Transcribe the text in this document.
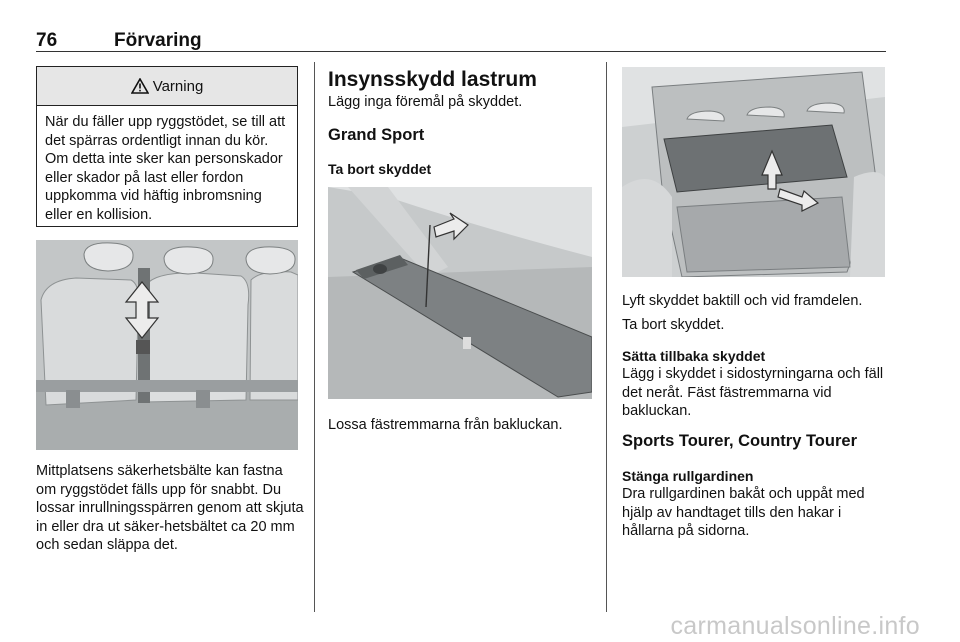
76	Förvaring
Varning
När du fäller upp ryggstödet, se till att det spärras ordentligt innan du kör. Om detta inte sker kan personskador eller skador på last eller fordon uppkomma vid häftig inbromsning eller en kollision.
Mittplatsens säkerhetsbälte kan fastna om ryggstödet fälls upp för snabbt. Du lossar inrullningsspärren genom att skjuta in eller dra ut säker-hetsbältet ca 20 mm och sedan släppa det.
Insynsskydd lastrum
Lägg inga föremål på skyddet.
Grand Sport
Ta bort skyddet
Lossa fästremmarna från bakluckan.
Lyft skyddet baktill och vid framdelen.
Ta bort skyddet.
Sätta tillbaka skyddet
Lägg i skyddet i sidostyrningarna och fäll det neråt. Fäst fästremmarna vid bakluckan.
Sports Tourer, Country Tourer
Stänga rullgardinen
Dra rullgardinen bakåt och uppåt med hjälp av handtaget tills den hakar i hållarna på sidorna.
carmanualsonline.info
